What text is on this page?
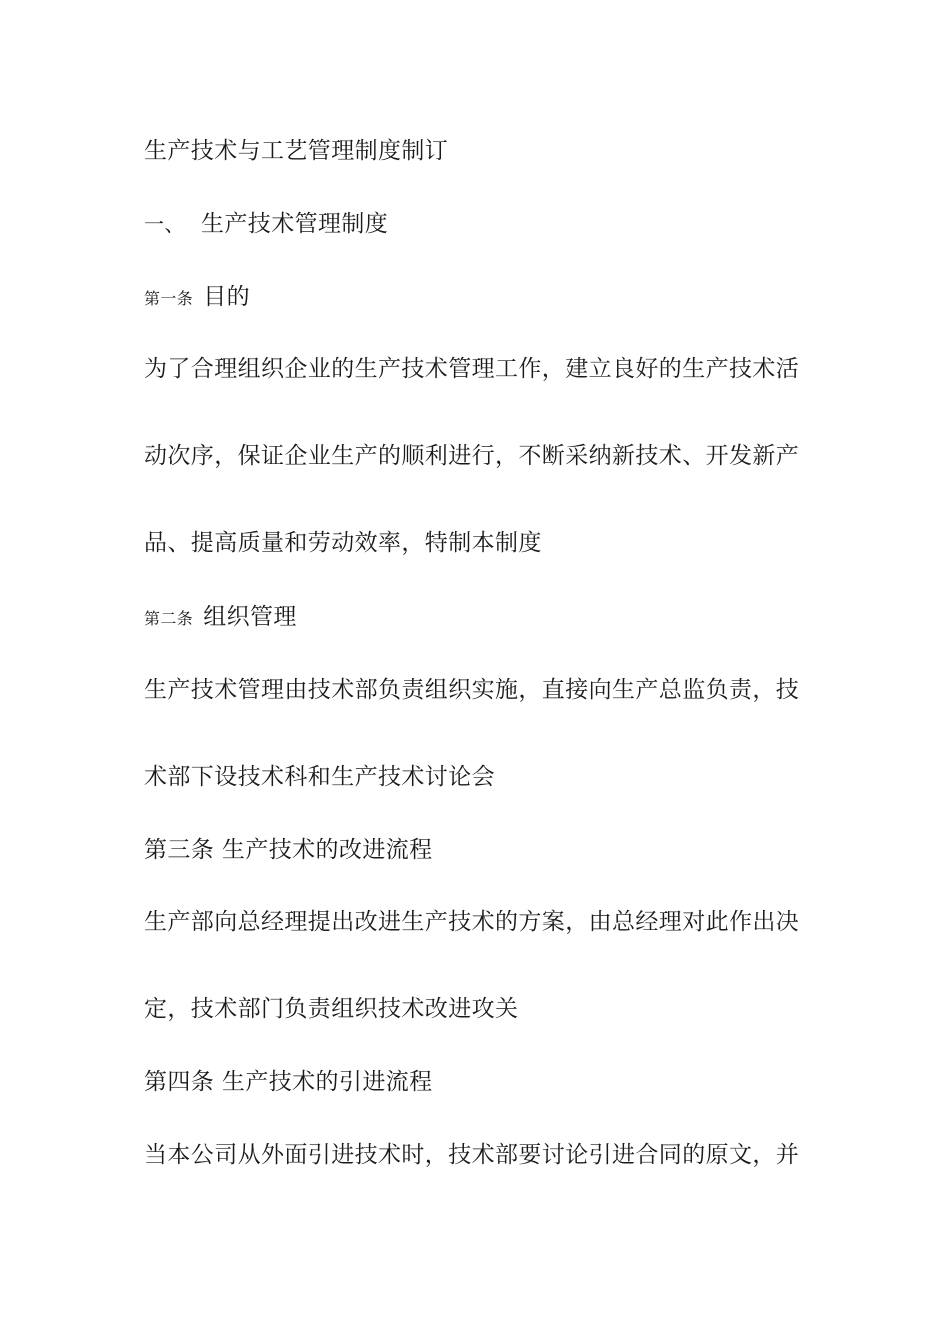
生产技术与工艺管理制度制订
一、 生产技术管理制度
第一条 目的
为了合理组织企业的生产技术管理工作，建立良好的生产技术活
动次序，保证企业生产的顺利进行，不断采纳新技术、开发新产
品、提高质量和劳动效率，特制本制度
第二条 组织管理
生产技术管理由技术部负责组织实施，直接向生产总监负责，技
术部下设技术科和生产技术讨论会
第三条 生产技术的改进流程
生产部向总经理提出改进生产技术的方案，由总经理对此作出决
定，技术部门负责组织技术改进攻关
第四条 生产技术的引进流程
当本公司从外面引进技术时，技术部要讨论引进合同的原文，并
